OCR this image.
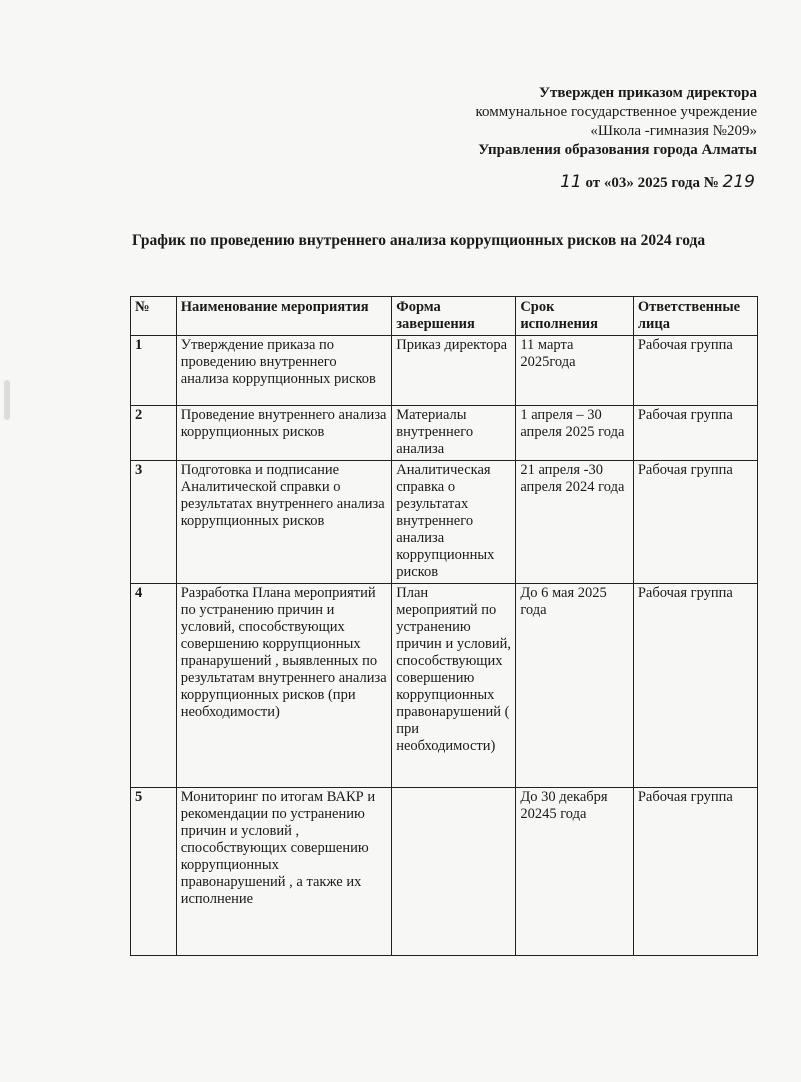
Утвержден приказом директора
коммунальное государственное учреждение
«Школа -гимназия №209»
Управления образования города Алматы
11 от «03» 2025 года № 219
График по проведению внутреннего анализа коррупционных рисков на 2024 года
№	Наименование мероприятия	Форма завершения	Срок исполнения	Ответственные лица
1	Утверждение приказа по проведению внутреннего анализа коррупционных рисков	Приказ директора	11 марта 2025года	Рабочая группа
2	Проведение внутреннего анализа коррупционных рисков	Материалы внутреннего анализа	1 апреля – 30 апреля 2025 года	Рабочая группа
3	Подготовка и подписание Аналитической справки о результатах внутреннего анализа коррупционных рисков	Аналитическая справка о результатах внутреннего анализа коррупционных рисков	21 апреля -30 апреля 2024 года	Рабочая группа
4	Разработка Плана мероприятий по устранению причин и условий, способствующих совершению коррупционных пранарушений , выявленных по результатам внутреннего анализа коррупционных рисков (при необходимости)	План мероприятий по устранению причин и условий, способствующих совершению коррупционных правонарушений ( при необходимости)	До 6 мая 2025 года	Рабочая группа
5	Мониторинг по итогам ВАКР и рекомендации по устранению причин и условий , способствующих совершению коррупционных правонарушений , а также их исполнение		До 30 декабря 20245 года	Рабочая группа
